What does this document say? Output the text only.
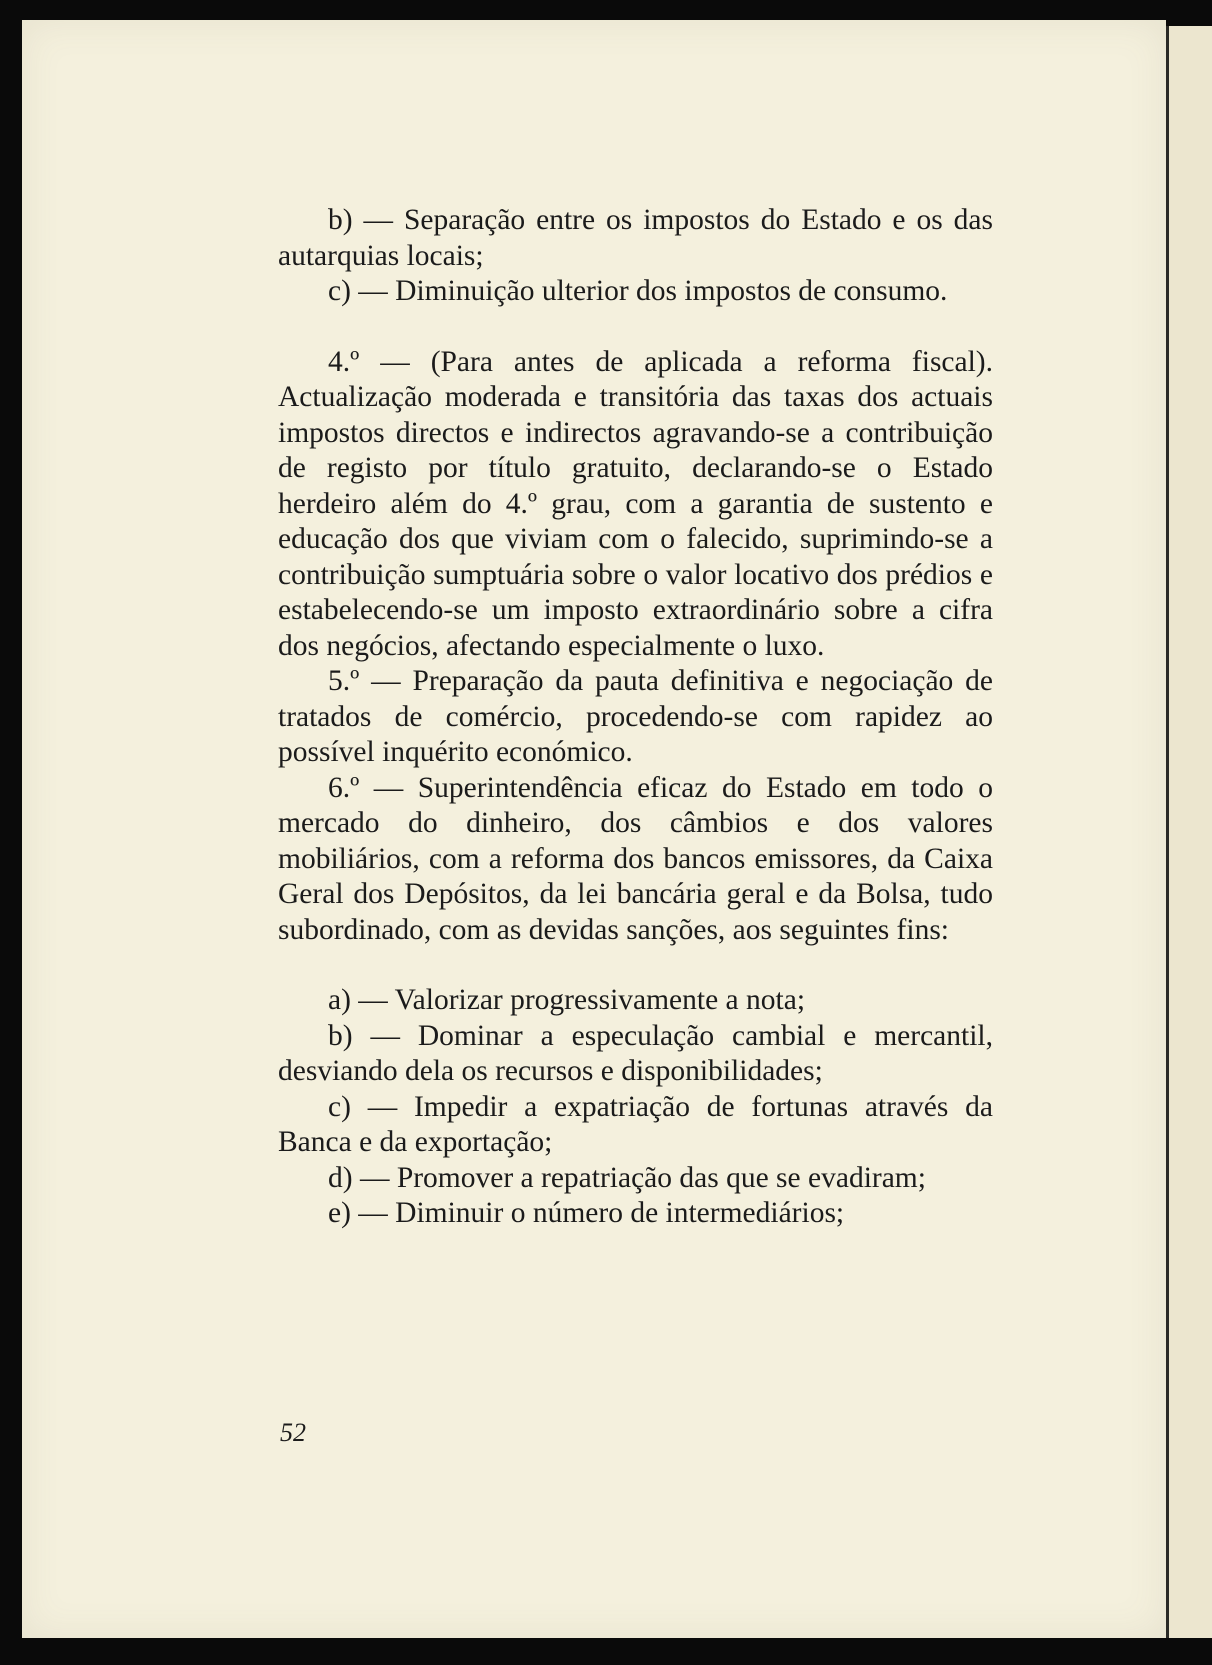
b) — Separação entre os impostos do Estado e os das autarquias locais;

c) — Diminuição ulterior dos impostos de consumo.

4.º — (Para antes de aplicada a reforma fiscal). Actualização moderada e transitória das taxas dos actuais impostos directos e indirectos agravando-se a contribuição de registo por título gratuito, declarando-se o Estado herdeiro além do 4.º grau, com a garantia de sustento e educação dos que viviam com o falecido, suprimindo-se a contribuição sumptuária sobre o valor locativo dos prédios e estabelecendo-se um imposto extraordinário sobre a cifra dos negócios, afectando especialmente o luxo.

5.º — Preparação da pauta definitiva e negociação de tratados de comércio, procedendo-se com rapidez ao possível inquérito económico.

6.º — Superintendência eficaz do Estado em todo o mercado do dinheiro, dos câmbios e dos valores mobiliários, com a reforma dos bancos emissores, da Caixa Geral dos Depósitos, da lei bancária geral e da Bolsa, tudo subordinado, com as devidas sanções, aos seguintes fins:

a) — Valorizar progressivamente a nota;

b) — Dominar a especulação cambial e mercantil, desviando dela os recursos e disponibilidades;

c) — Impedir a expatriação de fortunas através da Banca e da exportação;

d) — Promover a repatriação das que se evadiram;

e) — Diminuir o número de intermediários;

52
